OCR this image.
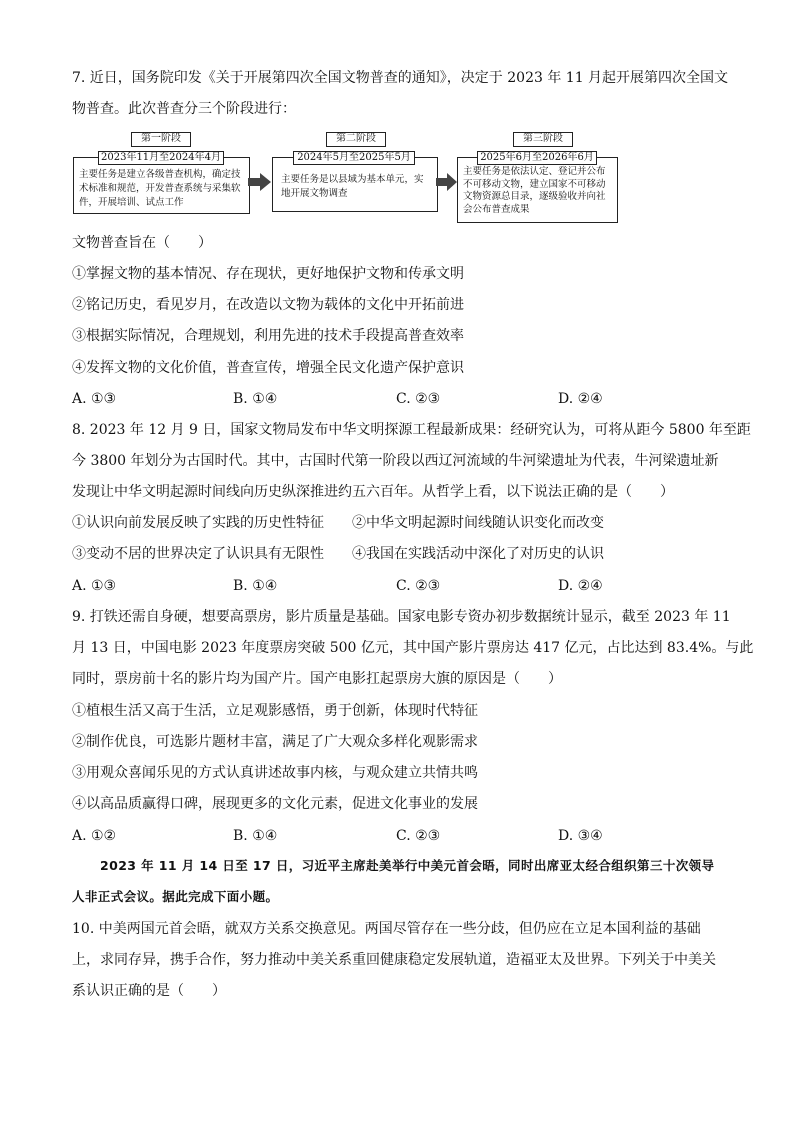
7. 近日，国务院印发《关于开展第四次全国文物普查的通知》，决定于 2023 年 11 月起开展第四次全国文
物普查。此次普查分三个阶段进行：
第一阶段
主要任务是建立各级普查机构，确定技术标准和规范，开发普查系统与采集软件，开展培训、试点工作
2023年11月至2024年4月
第二阶段
主要任务是以县域为基本单元，实地开展文物调查
2024年5月至2025年5月
第三阶段
主要任务是依法认定、登记并公布不可移动文物，建立国家不可移动文物资源总目录，逐级验收并向社会公布普查成果
2025年6月至2026年6月
文物普查旨在（　　）
①掌握文物的基本情况、存在现状，更好地保护文物和传承文明
②铭记历史，看见岁月，在改造以文物为载体的文化中开拓前进
③根据实际情况，合理规划，利用先进的技术手段提高普查效率
④发挥文物的文化价值，普查宣传，增强全民文化遗产保护意识
A. ①③	B. ①④	C. ②③	D. ②④
8. 2023 年 12 月 9 日，国家文物局发布中华文明探源工程最新成果：经研究认为，可将从距今 5800 年至距
今 3800 年划分为古国时代。其中，古国时代第一阶段以西辽河流域的牛河梁遗址为代表，牛河梁遗址新
发现让中华文明起源时间线向历史纵深推进约五六百年。从哲学上看，以下说法正确的是（　　）
①认识向前发展反映了实践的历史性特征 ②中华文明起源时间线随认识变化而改变
③变动不居的世界决定了认识具有无限性 ④我国在实践活动中深化了对历史的认识
A. ①③	B. ①④	C. ②③	D. ②④
9. 打铁还需自身硬，想要高票房，影片质量是基础。国家电影专资办初步数据统计显示，截至 2023 年 11
月 13 日，中国电影 2023 年度票房突破 500 亿元，其中国产影片票房达 417 亿元，占比达到 83.4%。与此
同时，票房前十名的影片均为国产片。国产电影扛起票房大旗的原因是（　　）
①植根生活又高于生活，立足观影感悟，勇于创新，体现时代特征
②制作优良，可选影片题材丰富，满足了广大观众多样化观影需求
③用观众喜闻乐见的方式认真讲述故事内核，与观众建立共情共鸣
④以高品质赢得口碑，展现更多的文化元素，促进文化事业的发展
A. ①②	B. ①④	C. ②③	D. ③④
2023 年 11 月 14 日至 17 日，习近平主席赴美举行中美元首会晤，同时出席亚太经合组织第三十次领导
人非正式会议。据此完成下面小题。
10. 中美两国元首会晤，就双方关系交换意见。两国尽管存在一些分歧，但仍应在立足本国利益的基础
上，求同存异，携手合作，努力推动中美关系重回健康稳定发展轨道，造福亚太及世界。下列关于中美关
系认识正确的是（　　）
